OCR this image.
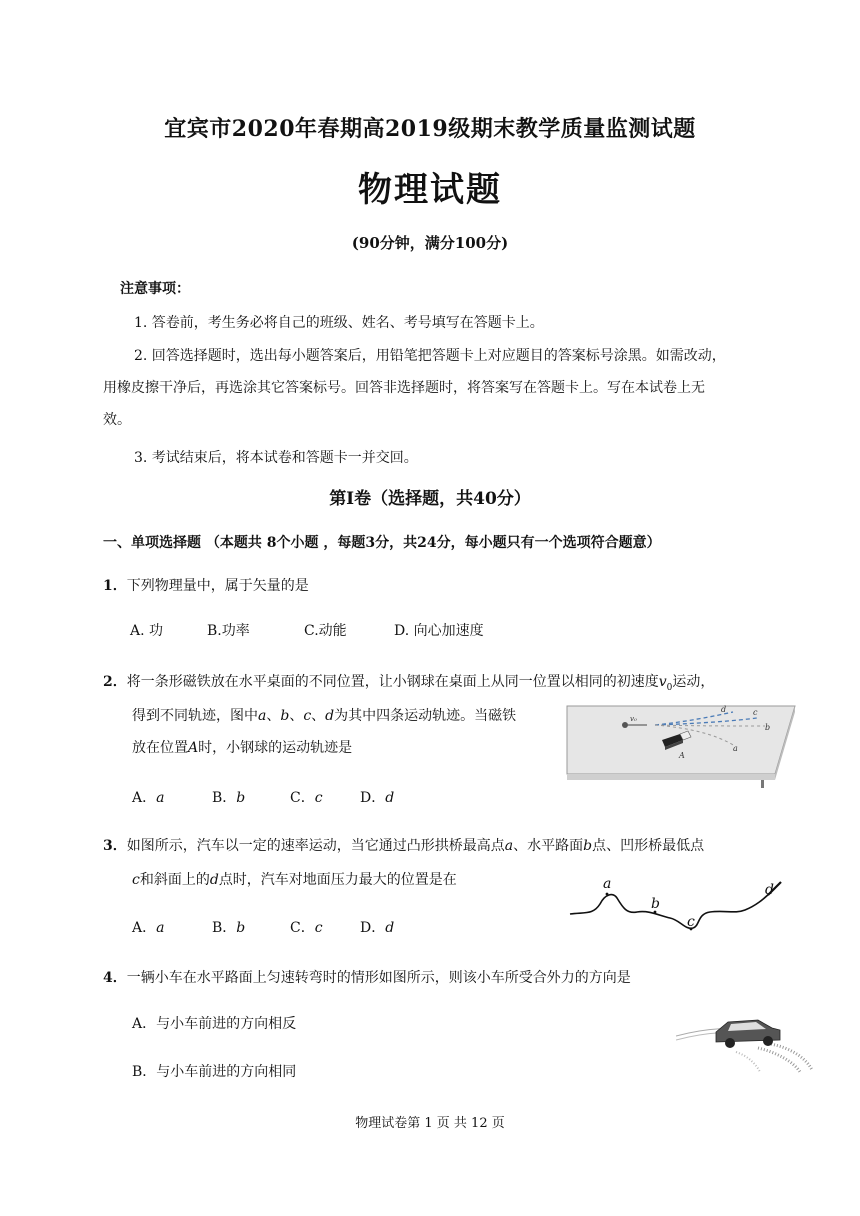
宜宾市2020年春期高2019级期末教学质量监测试题
物理试题
(90分钟，满分100分)
注意事项：
1. 答卷前，考生务必将自己的班级、姓名、考号填写在答题卡上。
2. 回答选择题时，选出每小题答案后，用铅笔把答题卡上对应题目的答案标号涂黑。如需改动，
用橡皮擦干净后，再选涂其它答案标号。回答非选择题时，将答案写在答题卡上。写在本试卷上无
效。
3. 考试结束后，将本试卷和答题卡一并交回。
第I卷（选择题，共40分）
一、单项选择题 （本题共 8个小题 ，每题3分，共24分，每小题只有一个选项符合题意）
1．下列物理量中，属于矢量的是
A. 功	B.功率	C.动能	D. 向心加速度
2．将一条形磁铁放在水平桌面的不同位置，让小钢球在桌面上从同一位置以相同的初速度$v_0$运动，
得到不同轨迹，图中a、b、c、d为其中四条运动轨迹。当磁铁
放在位置A时，小钢球的运动轨迹是
A．a	B．b	C．c	D．d
v₀
d	c
b
a
A
3．如图所示，汽车以一定的速率运动，当它通过凸形拱桥最高点a、水平路面b点、凹形桥最低点
c和斜面上的d点时，汽车对地面压力最大的位置是在
A．a	B．b	C．c	D．d
a
b
c
d
4．一辆小车在水平路面上匀速转弯时的情形如图所示，则该小车所受合外力的方向是
A．与小车前进的方向相反
B．与小车前进的方向相同
物理试卷第 1 页 共 12 页
